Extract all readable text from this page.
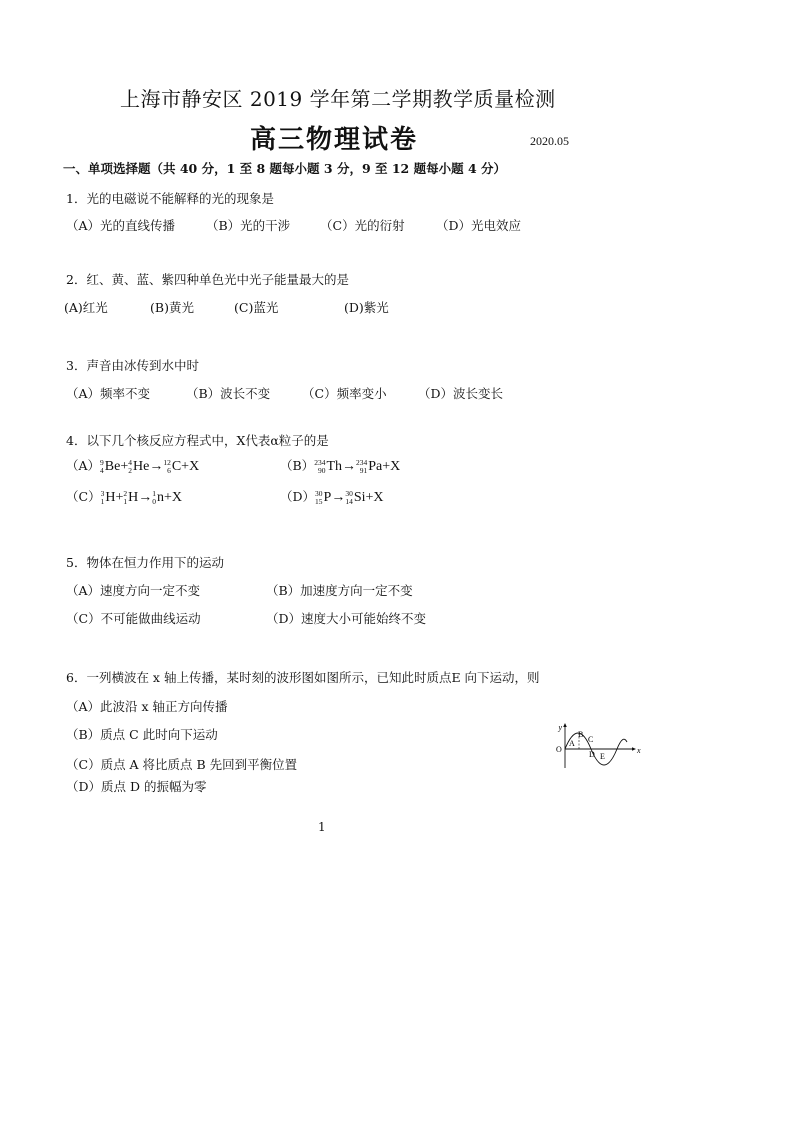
上海市静安区 2019 学年第二学期教学质量检测
高三物理试卷	2020.05
一、单项选择题（共 40 分，1 至 8 题每小题 3 分，9 至 12 题每小题 4 分）
1．光的电磁说不能解释的光的现象是
（A）光的直线传播 （B）光的干涉 （C）光的衍射	（D）光电效应
2．红、黄、蓝、紫四种单色光中光子能量最大的是
(A)红光	(B)黄光	(C)蓝光	(D)紫光
3．声音由冰传到水中时
（A）频率不变	（B）波长不变	（C）频率变小	（D）波长变长
4．以下几个核反应方程式中，X代表α粒子的是
（A） 9
4 Be+ 4
2 He→ 12
6 C+X	（B） 234
90 Th→ 234
91 Pa+X
（C） 3
1 H+ 2
1 H→ 1
0 n+X	（D） 30
15 P→ 30
14 Si+X
5．物体在恒力作用下的运动
（A）速度方向一定不变	（B）加速度方向一定不变
（C）不可能做曲线运动	（D）速度大小可能始终不变
6．一列横波在 x 轴上传播，某时刻的波形图如图所示，已知此时质点E 向下运动，则
（A）此波沿 x 轴正方向传播
（B）质点 C 此时向下运动
（C）质点 A 将比质点 B 先回到平衡位置
（D）质点 D 的振幅为零
y
x
O
A
B
C
D E
1
